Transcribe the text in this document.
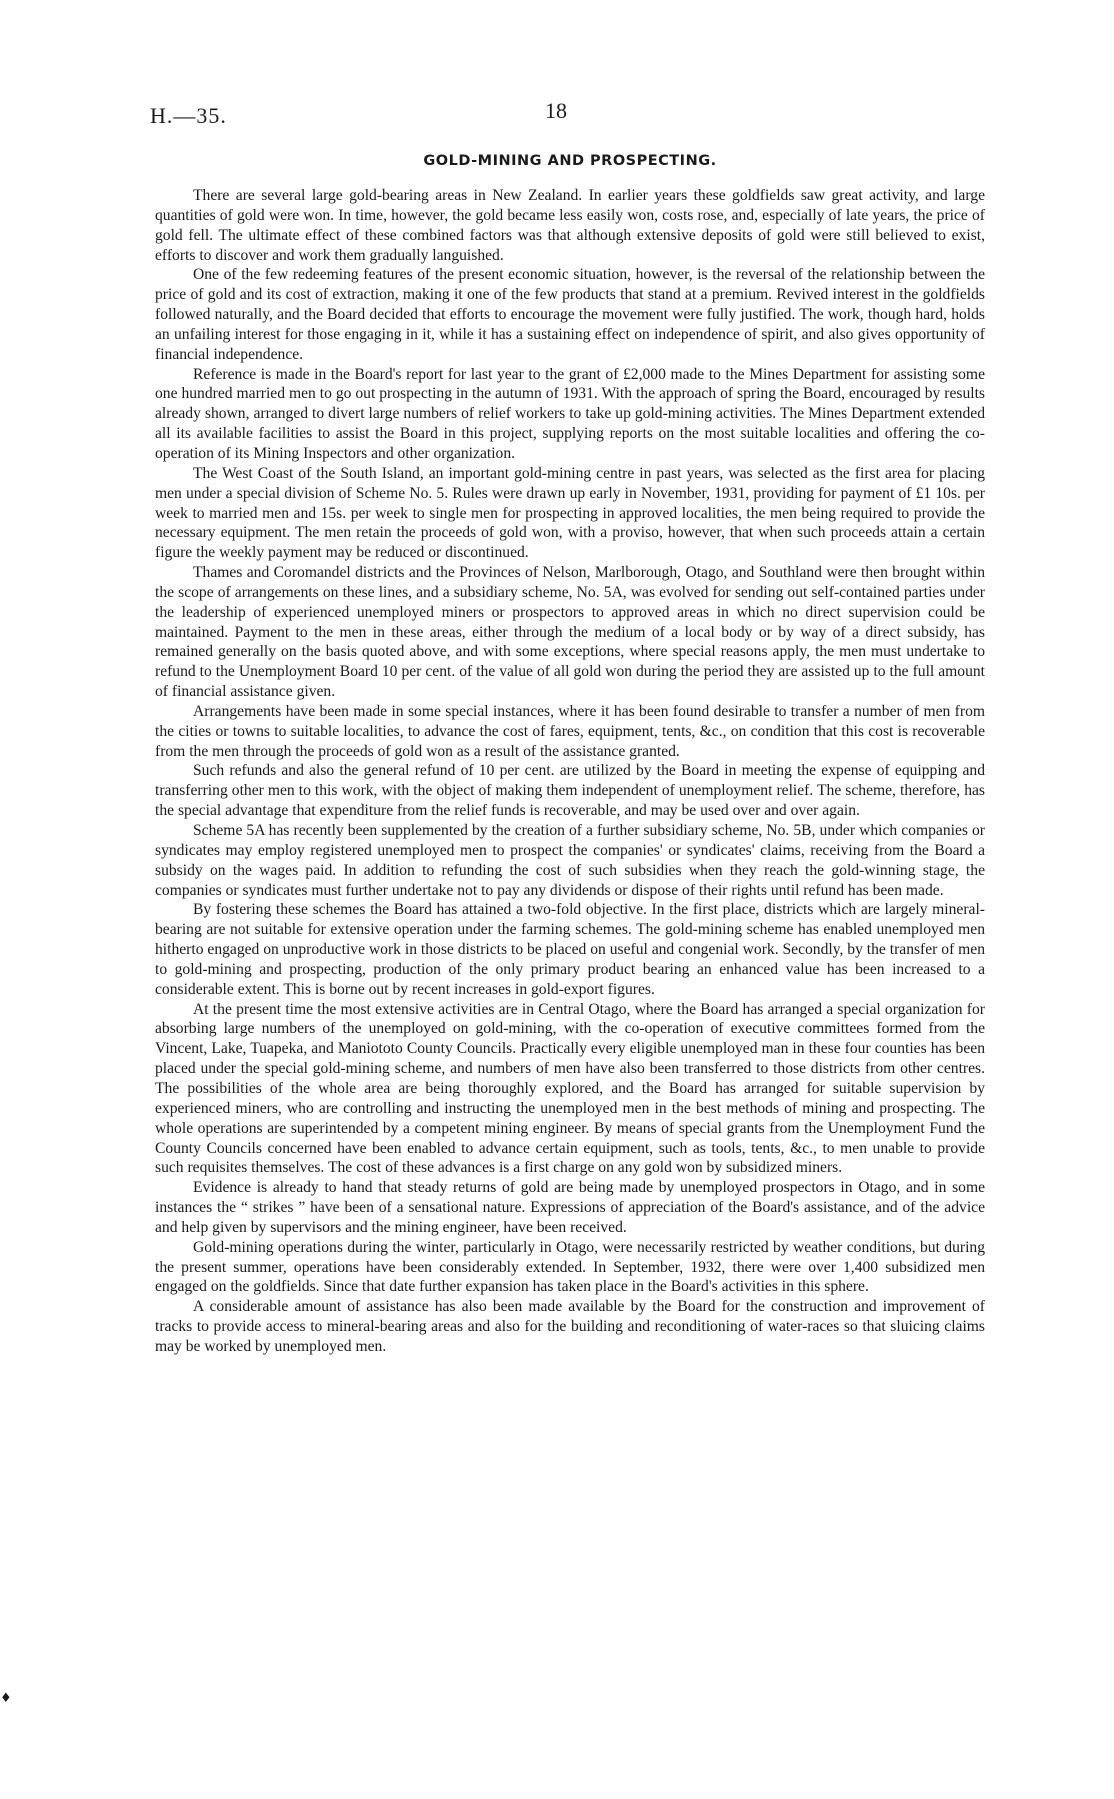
H.—35.	18
GOLD-MINING AND PROSPECTING.

There are several large gold-bearing areas in New Zealand. In earlier years these goldfields saw great activity, and large quantities of gold were won. In time, however, the gold became less easily won, costs rose, and, especially of late years, the price of gold fell. The ultimate effect of these combined factors was that although extensive deposits of gold were still believed to exist, efforts to discover and work them gradually languished.

One of the few redeeming features of the present economic situation, however, is the reversal of the relationship between the price of gold and its cost of extraction, making it one of the few products that stand at a premium. Revived interest in the goldfields followed naturally, and the Board decided that efforts to encourage the movement were fully justified. The work, though hard, holds an unfailing interest for those engaging in it, while it has a sustaining effect on independence of spirit, and also gives opportunity of financial independence.

Reference is made in the Board's report for last year to the grant of £2,000 made to the Mines Department for assisting some one hundred married men to go out prospecting in the autumn of 1931. With the approach of spring the Board, encouraged by results already shown, arranged to divert large numbers of relief workers to take up gold-mining activities. The Mines Department extended all its available facilities to assist the Board in this project, supplying reports on the most suitable localities and offering the co-operation of its Mining Inspectors and other organization.

The West Coast of the South Island, an important gold-mining centre in past years, was selected as the first area for placing men under a special division of Scheme No. 5. Rules were drawn up early in November, 1931, providing for payment of £1 10s. per week to married men and 15s. per week to single men for prospecting in approved localities, the men being required to provide the necessary equipment. The men retain the proceeds of gold won, with a proviso, however, that when such proceeds attain a certain figure the weekly payment may be reduced or discontinued.

Thames and Coromandel districts and the Provinces of Nelson, Marlborough, Otago, and Southland were then brought within the scope of arrangements on these lines, and a subsidiary scheme, No. 5A, was evolved for sending out self-contained parties under the leadership of experienced unemployed miners or prospectors to approved areas in which no direct supervision could be maintained. Payment to the men in these areas, either through the medium of a local body or by way of a direct subsidy, has remained generally on the basis quoted above, and with some exceptions, where special reasons apply, the men must undertake to refund to the Unemployment Board 10 per cent. of the value of all gold won during the period they are assisted up to the full amount of financial assistance given.

Arrangements have been made in some special instances, where it has been found desirable to transfer a number of men from the cities or towns to suitable localities, to advance the cost of fares, equipment, tents, &c., on condition that this cost is recoverable from the men through the proceeds of gold won as a result of the assistance granted.

Such refunds and also the general refund of 10 per cent. are utilized by the Board in meeting the expense of equipping and transferring other men to this work, with the object of making them independent of unemployment relief. The scheme, therefore, has the special advantage that expenditure from the relief funds is recoverable, and may be used over and over again.

Scheme 5A has recently been supplemented by the creation of a further subsidiary scheme, No. 5B, under which companies or syndicates may employ registered unemployed men to prospect the companies' or syndicates' claims, receiving from the Board a subsidy on the wages paid. In addition to refunding the cost of such subsidies when they reach the gold-winning stage, the companies or syndicates must further undertake not to pay any dividends or dispose of their rights until refund has been made.

By fostering these schemes the Board has attained a two-fold objective. In the first place, districts which are largely mineral-bearing are not suitable for extensive operation under the farming schemes. The gold-mining scheme has enabled unemployed men hitherto engaged on unproductive work in those districts to be placed on useful and congenial work. Secondly, by the transfer of men to gold-mining and prospecting, production of the only primary product bearing an enhanced value has been increased to a considerable extent. This is borne out by recent increases in gold-export figures.

At the present time the most extensive activities are in Central Otago, where the Board has arranged a special organization for absorbing large numbers of the unemployed on gold-mining, with the co-operation of executive committees formed from the Vincent, Lake, Tuapeka, and Maniototo County Councils. Practically every eligible unemployed man in these four counties has been placed under the special gold-mining scheme, and numbers of men have also been transferred to those districts from other centres. The possibilities of the whole area are being thoroughly explored, and the Board has arranged for suitable supervision by experienced miners, who are controlling and instructing the unemployed men in the best methods of mining and prospecting. The whole operations are superintended by a competent mining engineer. By means of special grants from the Unemployment Fund the County Councils concerned have been enabled to advance certain equipment, such as tools, tents, &c., to men unable to provide such requisites themselves. The cost of these advances is a first charge on any gold won by subsidized miners.

Evidence is already to hand that steady returns of gold are being made by unemployed prospectors in Otago, and in some instances the “ strikes ” have been of a sensational nature. Expressions of appreciation of the Board's assistance, and of the advice and help given by supervisors and the mining engineer, have been received.

Gold-mining operations during the winter, particularly in Otago, were necessarily restricted by weather conditions, but during the present summer, operations have been considerably extended. In September, 1932, there were over 1,400 subsidized men engaged on the goldfields. Since that date further expansion has taken place in the Board's activities in this sphere.

A considerable amount of assistance has also been made available by the Board for the construction and improvement of tracks to provide access to mineral-bearing areas and also for the building and reconditioning of water-races so that sluicing claims may be worked by unemployed men.

♦
